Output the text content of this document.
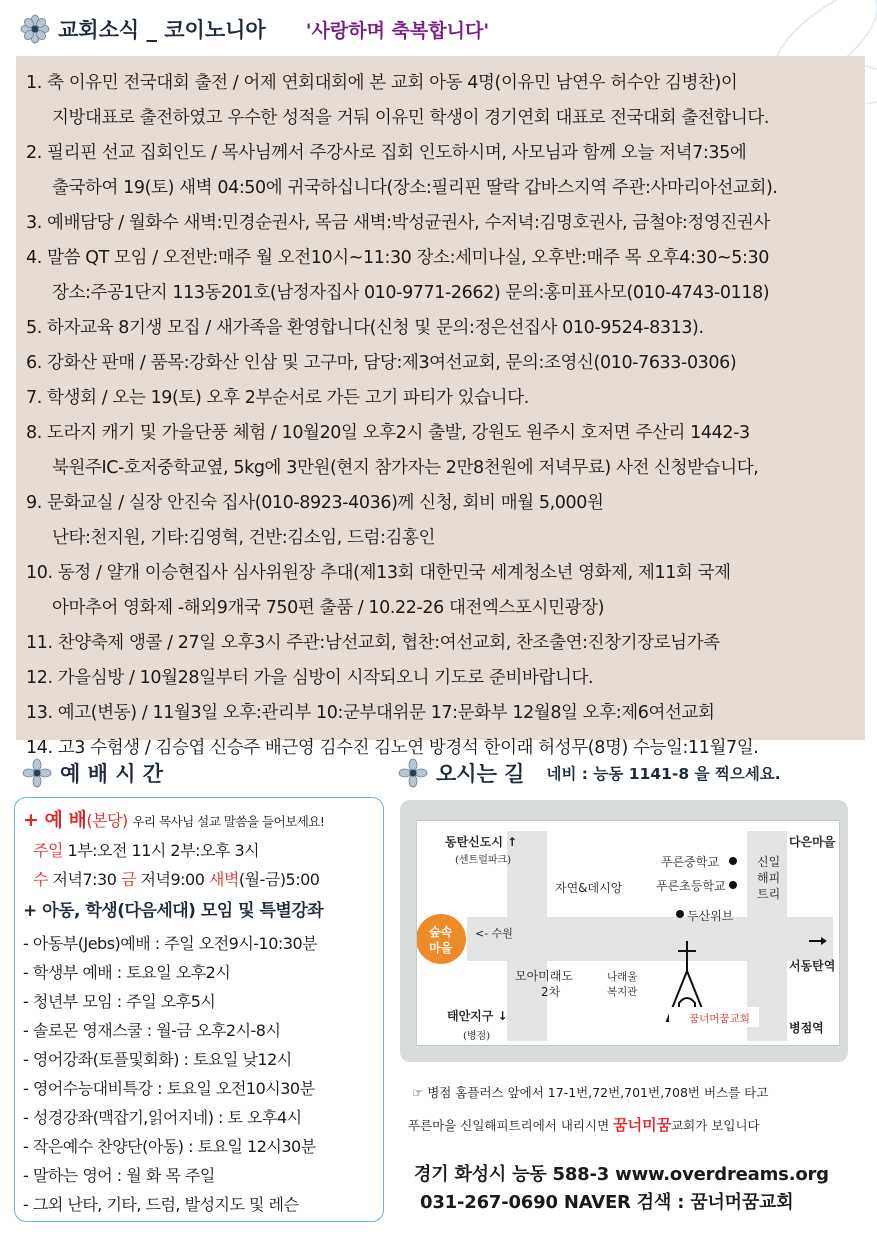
교회소식 _ 코이노니아 '사랑하며 축복합니다'
1. 축 이유민 전국대회 출전 / 어제 연회대회에 본 교회 아동 4명(이유민 남연우 허수안 김병찬)이
지방대표로 출전하였고 우수한 성적을 거둬 이유민 학생이 경기연회 대표로 전국대회 출전합니다.
2. 필리핀 선교 집회인도 / 목사님께서 주강사로 집회 인도하시며, 사모님과 함께 오늘 저녁7:35에
출국하여 19(토) 새벽 04:50에 귀국하십니다(장소:필리핀 딸락 갑바스지역 주관:사마리아선교회).
3. 예배담당 / 월화수 새벽:민경순권사, 목금 새벽:박성균권사, 수저녁:김명호권사, 금철야:정영진권사
4. 말씀 QT 모임 / 오전반:매주 월 오전10시~11:30 장소:세미나실, 오후반:매주 목 오후4:30~5:30
장소:주공1단지 113동201호(남정자집사 010-9771-2662) 문의:홍미표사모(010-4743-0118)
5. 하자교육 8기생 모집 / 새가족을 환영합니다(신청 및 문의:정은선집사 010-9524-8313).
6. 강화산 판매 / 품목:강화산 인삼 및 고구마, 담당:제3여선교회, 문의:조영신(010-7633-0306)
7. 학생회 / 오는 19(토) 오후 2부순서로 가든 고기 파티가 있습니다.
8. 도라지 캐기 및 가을단풍 체험 / 10월20일 오후2시 출발, 강원도 원주시 호저면 주산리 1442-3
북원주IC-호저중학교옆, 5kg에 3만원(현지 참가자는 2만8천원에 저녁무료) 사전 신청받습니다,
9. 문화교실 / 실장 안진숙 집사(010-8923-4036)께 신청, 회비 매월 5,000원
난타:천지원, 기타:김영혁, 건반:김소임, 드럼:김홍인
10. 동정 / 얄개 이승현집사 심사위원장 추대(제13회 대한민국 세계청소년 영화제, 제11회 국제
아마추어 영화제 -해외9개국 750편 출품 / 10.22-26 대전엑스포시민광장)
11. 찬양축제 앵콜 / 27일 오후3시 주관:남선교회, 협찬:여선교회, 찬조출연:진창기장로님가족
12. 가을심방 / 10월28일부터 가을 심방이 시작되오니 기도로 준비바랍니다.
13. 예고(변동) / 11월3일 오후:관리부 10:군부대위문 17:문화부 12월8일 오후:제6여선교회
14. 고3 수험생 / 김승엽 신승주 배근영 김수진 김노연 방경석 한이래 허성무(8명) 수능일:11월7일.
예 배 시 간
+ 예 배(본당) 우리 목사님 설교 말씀을 들어보세요!
주일 1부:오전 11시 2부:오후 3시
수 저녁7:30 금 저녁9:00 새벽(월-금)5:00
+ 아동, 학생(다음세대) 모임 및 특별강좌
- 아동부(Jebs)예배 : 주일 오전9시-10:30분
- 학생부 예배 : 토요일 오후2시
- 청년부 모임 : 주일 오후5시
- 솔로몬 영재스쿨 : 월-금 오후2시-8시
- 영어강좌(토플및회화) : 토요일 낮12시
- 영어수능대비특강 : 토요일 오전10시30분
- 성경강좌(맥잡기,읽어지네) : 토 오후4시
- 작은예수 찬양단(아동) : 토요일 12시30분
- 말하는 영어 : 월 화 목 주일
- 그외 난타, 기타, 드럼, 발성지도 및 레슨
오시는 길 네비 : 능동 1141-8 을 찍으세요.
동탄신도시 ↑
(센트럴파크)
자연&데시앙
푸른중학교
푸른초등학교
신일
해피
트리
다은마을
두산위브
숲속
마을
<- 수원
서동탄역
모아미래도
2차
나래울
복지관
꿈너머꿈교회
태안지구 ↓
(병점)
병점역
☞ 병점 홈플러스 앞에서 17-1번,72번,701번,708번 버스를 타고
푸른마을 신일해피트리에서 내리시면 꿈너미꿈교회가 보입니다
경기 화성시 능동 588-3 www.overdreams.org
031-267-0690 NAVER 검색 : 꿈너머꿈교회
